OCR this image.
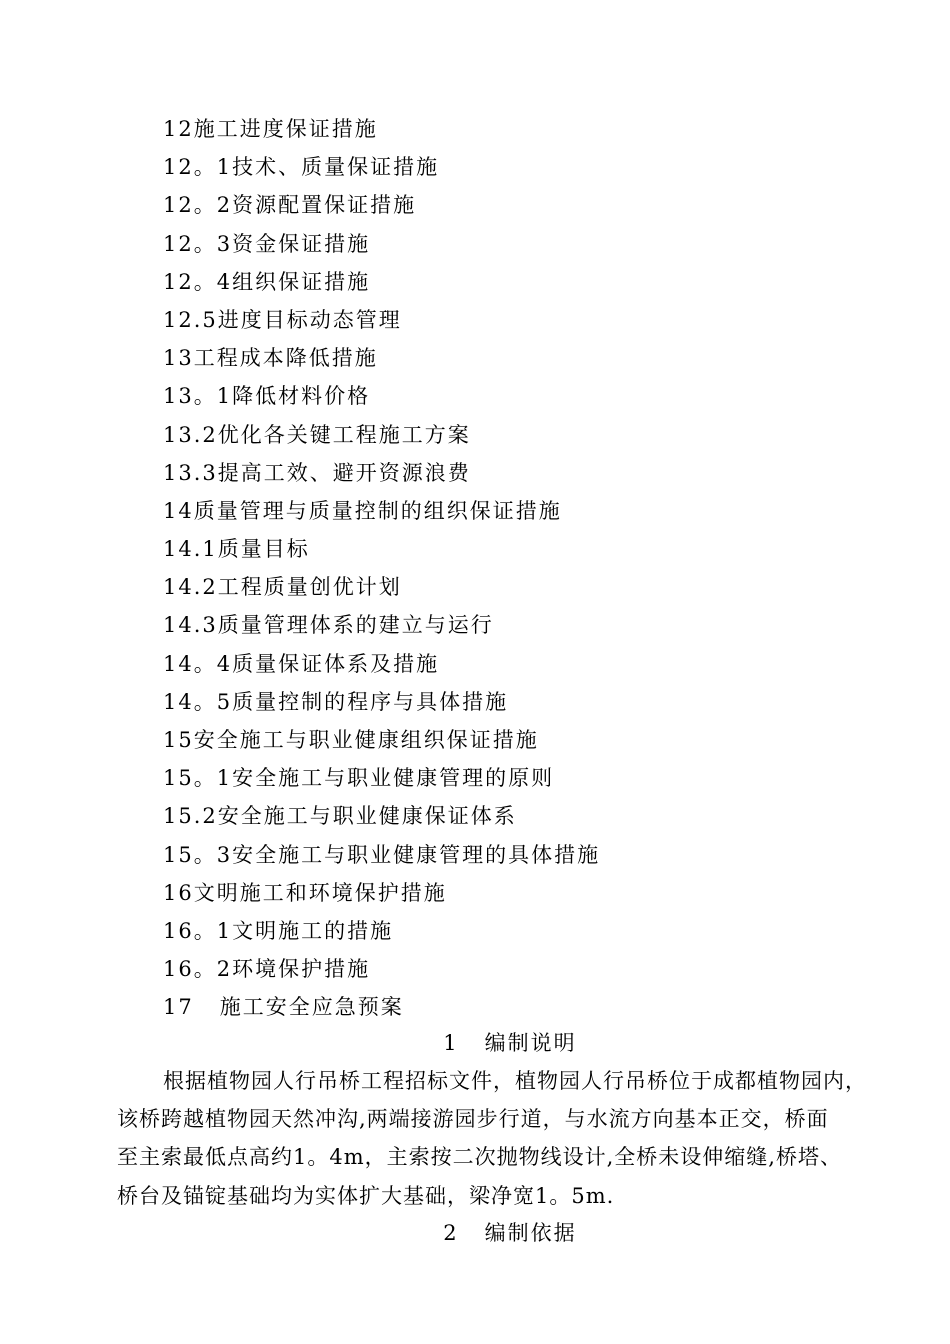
12施工进度保证措施
12。1技术、质量保证措施
12。2资源配置保证措施
12。3资金保证措施
12。4组织保证措施
12.5进度目标动态管理
13工程成本降低措施
13。1降低材料价格
13.2优化各关键工程施工方案
13.3提高工效、避开资源浪费
14质量管理与质量控制的组织保证措施
14.1质量目标
14.2工程质量创优计划
14.3质量管理体系的建立与运行
14。4质量保证体系及措施
14。5质量控制的程序与具体措施
15安全施工与职业健康组织保证措施
15。1安全施工与职业健康管理的原则
15.2安全施工与职业健康保证体系
15。3安全施工与职业健康管理的具体措施
16文明施工和环境保护措施
16。1文明施工的措施
16。2环境保护措施
17   施工安全应急预案
1   编制说明

根据植物园人行吊桥工程招标文件，植物园人行吊桥位于成都植物园内，
该桥跨越植物园天然冲沟,两端接游园步行道，与水流方向基本正交，桥面
至主索最低点高约1。4m，主索按二次抛物线设计,全桥未设伸缩缝,桥塔、
桥台及锚锭基础均为实体扩大基础，梁净宽1。5m.

2   编制依据
